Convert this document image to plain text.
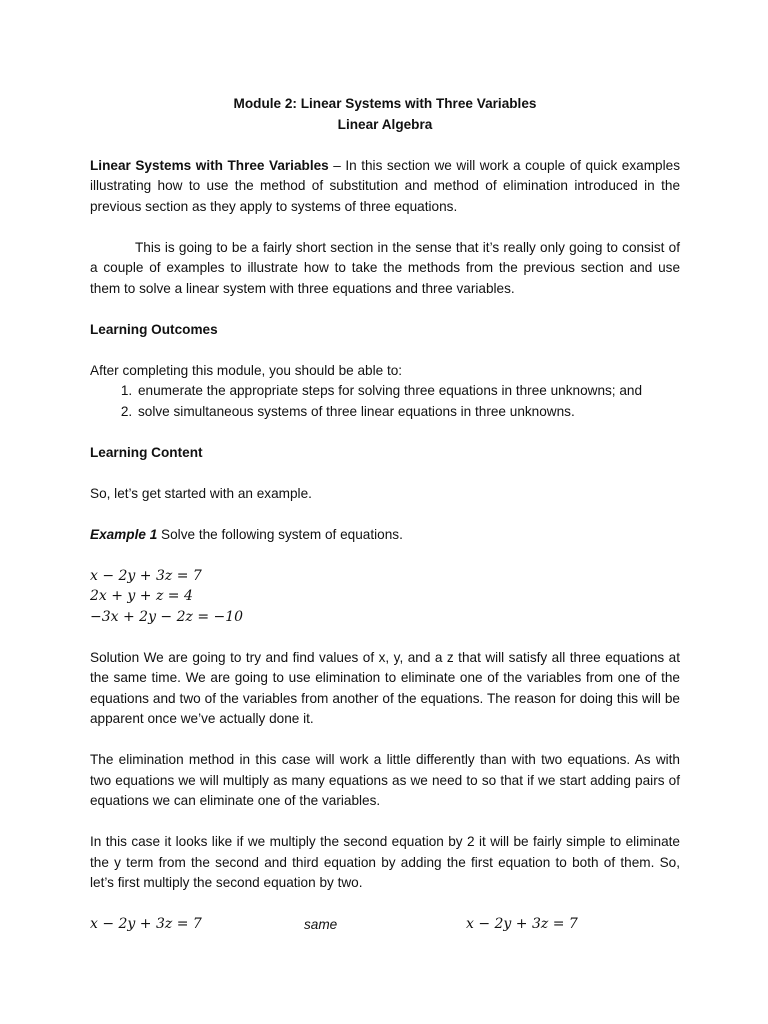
Module 2: Linear Systems with Three Variables

Linear Algebra

Linear Systems with Three Variables – In this section we will work a couple of quick examples illustrating how to use the method of substitution and method of elimination introduced in the previous section as they apply to systems of three equations.

This is going to be a fairly short section in the sense that it’s really only going to consist of a couple of examples to illustrate how to take the methods from the previous section and use them to solve a linear system with three equations and three variables.

Learning Outcomes

After completing this module, you should be able to:

1. enumerate the appropriate steps for solving three equations in three unknowns; and
2. solve simultaneous systems of three linear equations in three unknowns.

Learning Content

So, let’s get started with an example.

Example 1 Solve the following system of equations.

x − 2y + 3z = 7

2x + y + z = 4

−3x + 2y − 2z = −10

Solution We are going to try and find values of x, y, and a z that will satisfy all three equations at the same time. We are going to use elimination to eliminate one of the variables from one of the equations and two of the variables from another of the equations. The reason for doing this will be apparent once we’ve actually done it.

The elimination method in this case will work a little differently than with two equations. As with two equations we will multiply as many equations as we need to so that if we start adding pairs of equations we can eliminate one of the variables.

In this case it looks like if we multiply the second equation by 2 it will be fairly simple to eliminate the y term from the second and third equation by adding the first equation to both of them. So, let’s first multiply the second equation by two.

x − 2y + 3z = 7	same	x − 2y + 3z = 7
